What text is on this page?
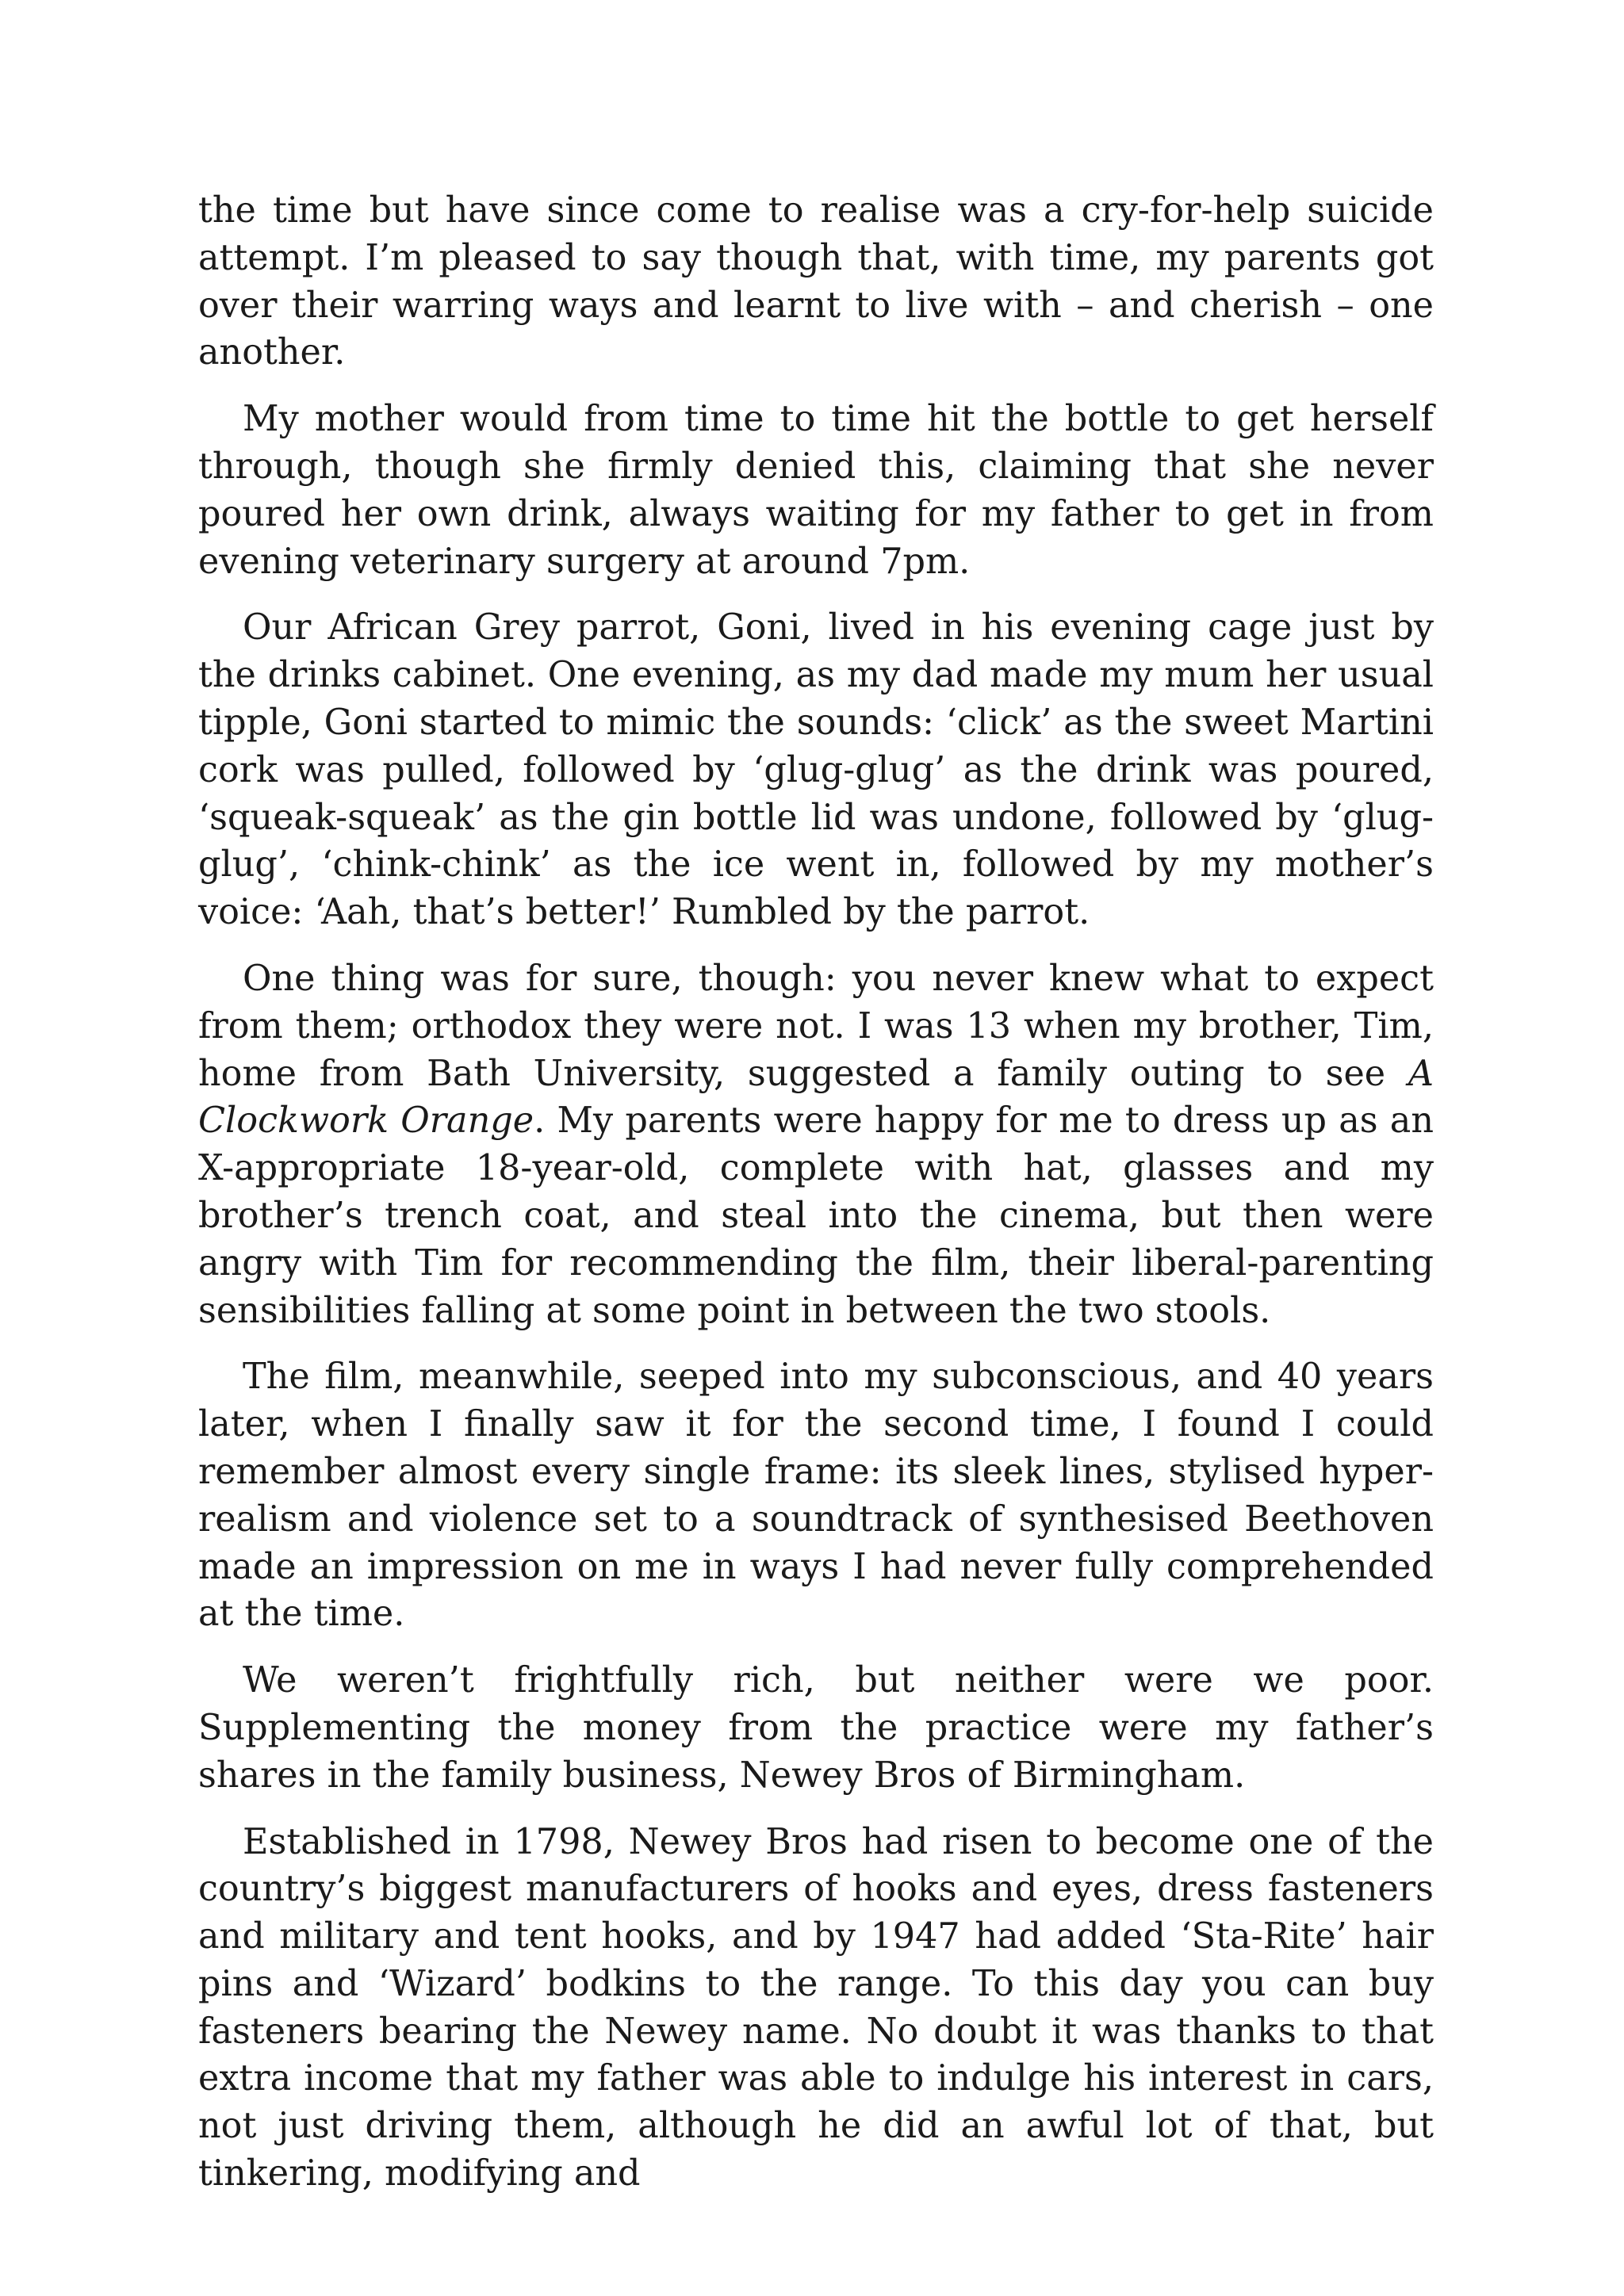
the time but have since come to realise was a cry-for-help suicide attempt. I’m pleased to say though that, with time, my parents got over their warring ways and learnt to live with – and cherish – one another.

My mother would from time to time hit the bottle to get herself through, though she firmly denied this, claiming that she never poured her own drink, always waiting for my father to get in from evening veterinary surgery at around 7pm.

Our African Grey parrot, Goni, lived in his evening cage just by the drinks cabinet. One evening, as my dad made my mum her usual tipple, Goni started to mimic the sounds: ‘click’ as the sweet Martini cork was pulled, followed by ‘glug-glug’ as the drink was poured, ‘squeak-squeak’ as the gin bottle lid was undone, followed by ‘glug-glug’, ‘chink-chink’ as the ice went in, followed by my mother’s voice: ‘Aah, that’s better!’ Rumbled by the parrot.

One thing was for sure, though: you never knew what to expect from them; orthodox they were not. I was 13 when my brother, Tim, home from Bath University, suggested a family outing to see A Clockwork Orange. My parents were happy for me to dress up as an X-appropriate 18-year-old, complete with hat, glasses and my brother’s trench coat, and steal into the cinema, but then were angry with Tim for recommending the film, their liberal-parenting sensibilities falling at some point in between the two stools.

The film, meanwhile, seeped into my subconscious, and 40 years later, when I finally saw it for the second time, I found I could remember almost every single frame: its sleek lines, stylised hyper-realism and violence set to a soundtrack of synthesised Beethoven made an impression on me in ways I had never fully comprehended at the time.

We weren’t frightfully rich, but neither were we poor. Supplementing the money from the practice were my father’s shares in the family business, Newey Bros of Birmingham.

Established in 1798, Newey Bros had risen to become one of the country’s biggest manufacturers of hooks and eyes, dress fasteners and military and tent hooks, and by 1947 had added ‘Sta-Rite’ hair pins and ‘Wizard’ bodkins to the range. To this day you can buy fasteners bearing the Newey name. No doubt it was thanks to that extra income that my father was able to indulge his interest in cars, not just driving them, although he did an awful lot of that, but tinkering, modifying and
